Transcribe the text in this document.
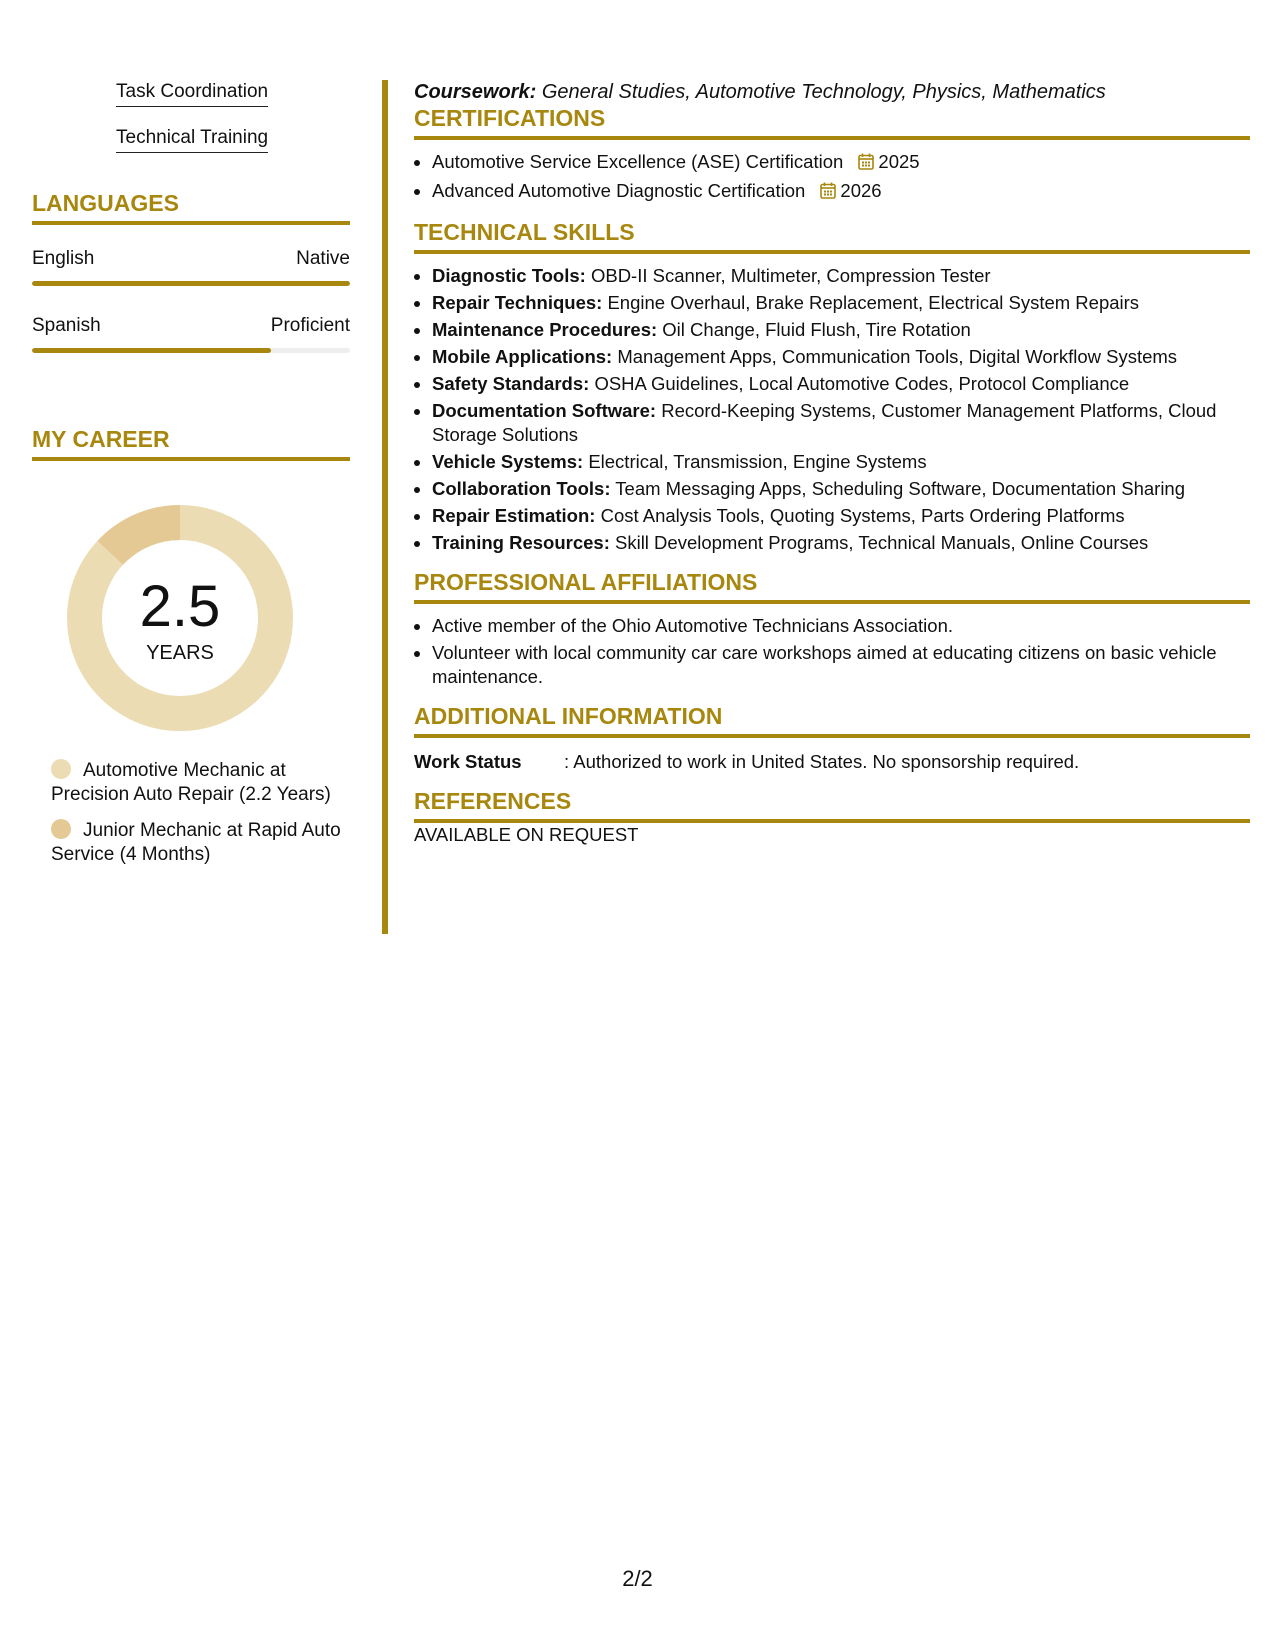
Task Coordination
Technical Training
LANGUAGES
English	Native
Spanish	Proficient
MY CAREER
2.5
YEARS
Automotive Mechanic at Precision Auto Repair (2.2 Years)
Junior Mechanic at Rapid Auto Service (4 Months)

Coursework: General Studies, Automotive Technology, Physics, Mathematics

CERTIFICATIONS
• Automotive Service Excellence (ASE) Certification 2025
• Advanced Automotive Diagnostic Certification 2026
TECHNICAL SKILLS
• Diagnostic Tools: OBD-II Scanner, Multimeter, Compression Tester
• Repair Techniques: Engine Overhaul, Brake Replacement, Electrical System Repairs
• Maintenance Procedures: Oil Change, Fluid Flush, Tire Rotation
• Mobile Applications: Management Apps, Communication Tools, Digital Workflow Systems
• Safety Standards: OSHA Guidelines, Local Automotive Codes, Protocol Compliance
• Documentation Software: Record-Keeping Systems, Customer Management Platforms, Cloud Storage Solutions
• Vehicle Systems: Electrical, Transmission, Engine Systems
• Collaboration Tools: Team Messaging Apps, Scheduling Software, Documentation Sharing
• Repair Estimation: Cost Analysis Tools, Quoting Systems, Parts Ordering Platforms
• Training Resources: Skill Development Programs, Technical Manuals, Online Courses
PROFESSIONAL AFFILIATIONS
• Active member of the Ohio Automotive Technicians Association.
• Volunteer with local community car care workshops aimed at educating citizens on basic vehicle maintenance.
ADDITIONAL INFORMATION
Work Status	: Authorized to work in United States. No sponsorship required.
REFERENCES

AVAILABLE ON REQUEST

2/2
